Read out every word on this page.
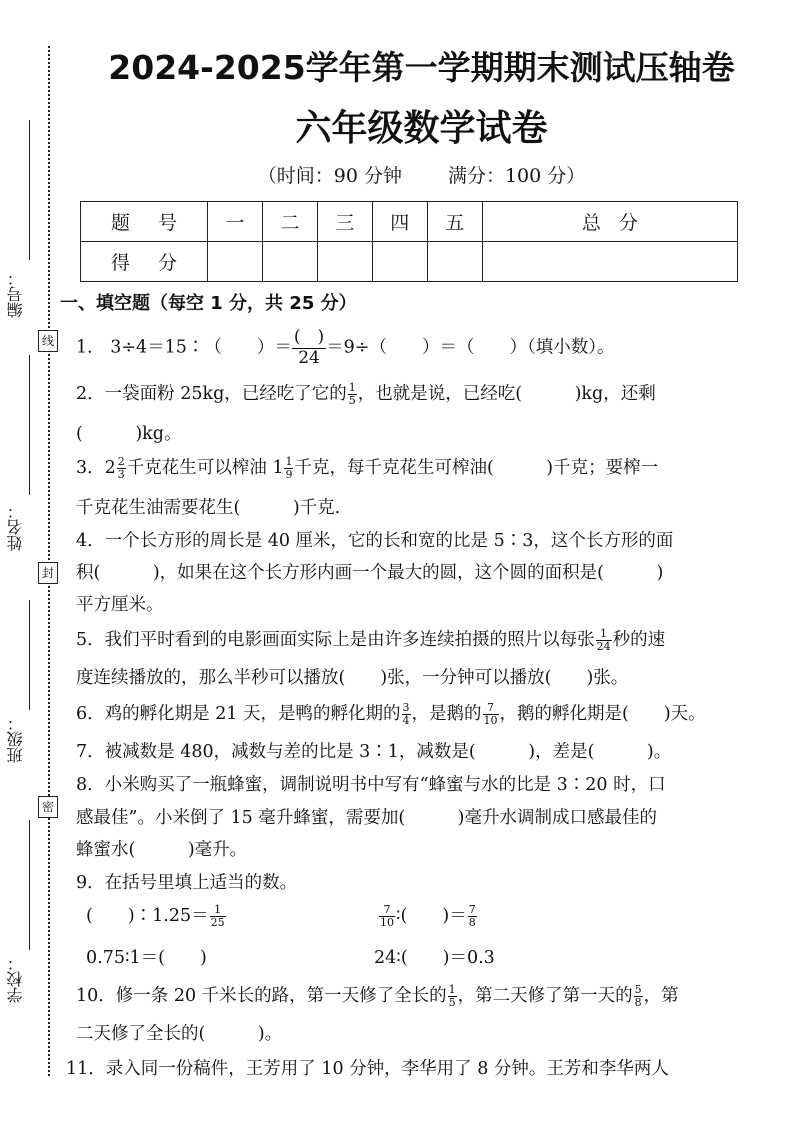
编号：
线
姓名：
封
班级：
密
学校：
2024-2025学年第一学期期末测试压轴卷
六年级数学试卷
（时间：90 分钟 满分：100 分）
题号	一	二	三	四	五	总分
得分						
一、填空题（每空 1 分，共 25 分）
1． 3÷4＝15∶（　　）＝
(　)
24 ＝9÷（　　）＝（　　）（填小数）。
2．一袋面粉 25kg，已经吃了它的 $\frac{1}{5}$ ，也就是说，已经吃(　　　)kg，还剩
(　　　)kg。
3．$2 \frac{2}{3}$ 千克花生可以榨油 $1 \frac{1}{9}$ 千克，每千克花生可榨油(　　　)千克；要榨一
千克花生油需要花生(　　　)千克.
4．一个长方形的周长是 40 厘米，它的长和宽的比是 5∶3，这个长方形的面
积(　　　)，如果在这个长方形内画一个最大的圆，这个圆的面积是(　　　)
平方厘米。
5．我们平时看到的电影画面实际上是由许多连续拍摄的照片以每张 $\frac{1}{24}$ 秒的速
度连续播放的，那么半秒可以播放(　　)张，一分钟可以播放(　　)张。
6．鸡的孵化期是 21 天，是鸭的孵化期的 $\frac{3}{4}$ ，是鹅的 $\frac{7}{10}$ ，鹅的孵化期是(　　)天。
7．被减数是 480，减数与差的比是 3∶1，减数是(　　　)，差是(　　　)。
8．小米购买了一瓶蜂蜜，调制说明书中写有“蜂蜜与水的比是 3∶20 时，口
感最佳”。小米倒了 15 毫升蜂蜜，需要加(　　　)毫升水调制成口感最佳的
蜂蜜水(　　　)毫升。
9．在括号里填上适当的数。
(　　)∶1.25＝ $\frac{1}{25}$	$\frac{7}{10}$ ∶(　　)＝ $\frac{7}{8}$
0.75∶1＝(　　)	24∶(　　)＝0.3
10．修一条 20 千米长的路，第一天修了全长的 $\frac{1}{5}$ ，第二天修了第一天的 $\frac{5}{8}$ ，第
二天修了全长的(　　　)。
11．录入同一份稿件，王芳用了 10 分钟，李华用了 8 分钟。王芳和李华两人
